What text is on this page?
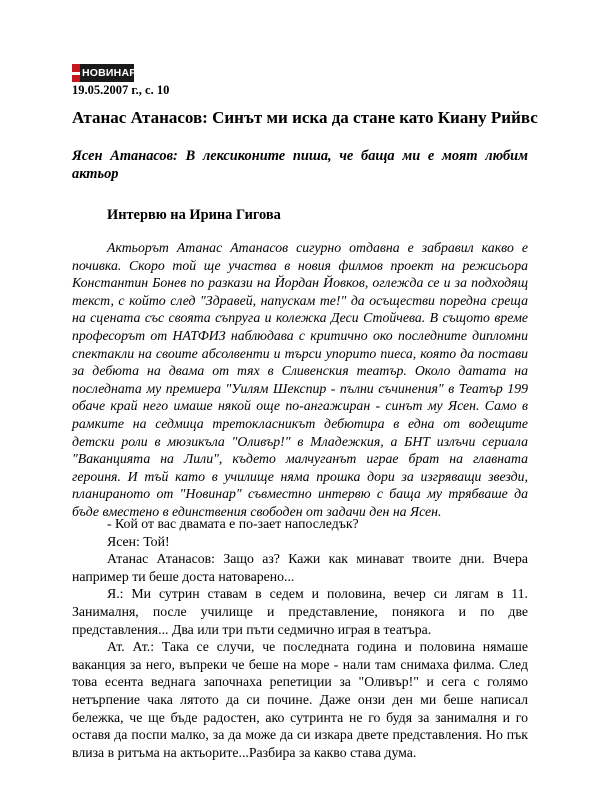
НОВИНАР
19.05.2007 г., с. 10
Атанас Атанасов: Синът ми иска да стане като Киану Рийвс
Ясен Атанасов: В лексиконите пиша, че баща ми е моят любим актьор
Интервю на Ирина Гигова

Актьорът Атанас Атанасов сигурно отдавна е забравил какво е почивка. Скоро той ще участва в новия филмов проект на режисьора Константин Бонев по разкази на Йордан Йовков, оглежда се и за подходящ текст, с който след "Здравей, напускам те!" да осъществи поредна среща на сцената със своята съпруга и колежка Деси Стойчева. В същото време професорът от НАТФИЗ наблюдава с критично око последните дипломни спектакли на своите абсолвенти и търси упорито пиеса, която да постави за дебюта на двама от тях в Сливенския театър. Около датата на последната му премиера "Уилям Шекспир - пълни съчинения" в Театър 199 обаче край него имаше някой още по-ангажиран - синът му Ясен. Само в рамките на седмица третокласникът дебютира в една от водещите детски роли в мюзикъла "Оливър!" в Младежкия, а БНТ излъчи сериала "Ваканцията на Лили", където малчуганът играе брат на главната героиня. И тъй като в училище няма прошка дори за изгряващи звезди, планираното от "Новинар" съвместно интервю с баща му трябваше да бъде вместено в единствения свободен от задачи ден на Ясен.

- Кой от вас двамата е по-зает напоследък?

Ясен: Той!

Атанас Атанасов: Защо аз? Кажи как минават твоите дни. Вчера например ти беше доста натоварено...

Я.: Ми сутрин ставам в седем и половина, вечер си лягам в 11. Занималня, после училище и представление, понякога и по две представления... Два или три пъти седмично играя в театъра.

Ат. Ат.: Така се случи, че последната година и половина нямаше ваканция за него, въпреки че беше на море - нали там снимаха филма. След това есента веднага започнаха репетиции за "Оливър!" и сега с голямо нетърпение чака лятото да си почине. Даже онзи ден ми беше написал бележка, че ще бъде радостен, ако сутринта не го будя за занималня и го оставя да поспи малко, за да може да си изкара двете представления. Но пък влиза в ритъма на актьорите...Разбира за какво става дума.
